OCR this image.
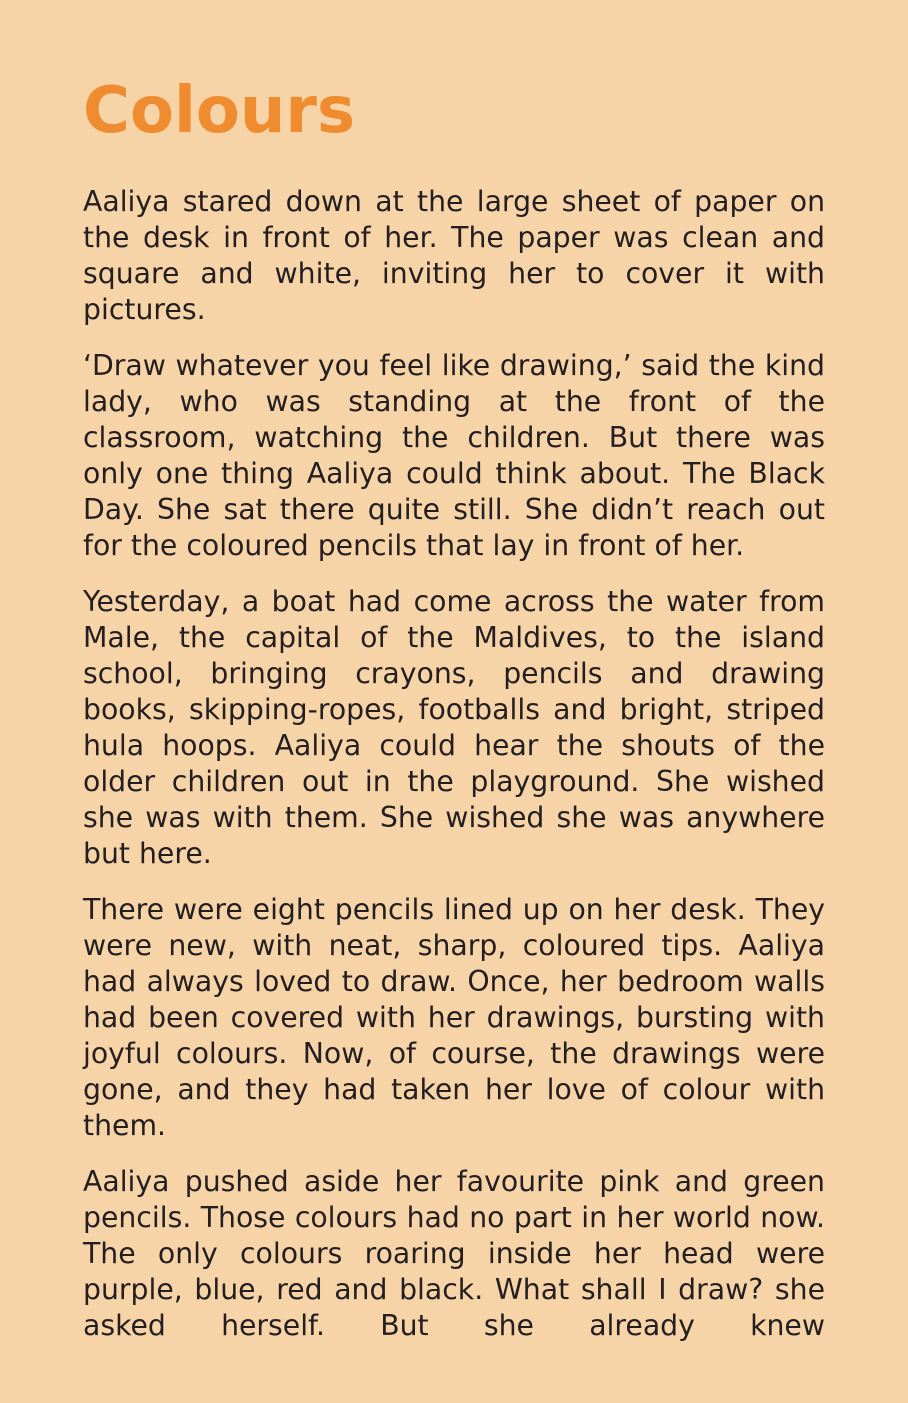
Colours

Aaliya stared down at the large sheet of paper on the desk in front of her. The paper was clean and square and white, inviting her to cover it with pictures.

‘Draw whatever you feel like drawing,’ said the kind lady, who was standing at the front of the classroom, watching the children. But there was only one thing Aaliya could think about. The Black Day. She sat there quite still. She didn’t reach out for the coloured pencils that lay in front of her.

Yesterday, a boat had come across the water from Male, the capital of the Maldives, to the island school, bringing crayons, pencils and drawing books, skipping-ropes, footballs and bright, striped hula hoops. Aaliya could hear the shouts of the older children out in the playground. She wished she was with them. She wished she was anywhere but here.

There were eight pencils lined up on her desk. They were new, with neat, sharp, coloured tips. Aaliya had always loved to draw. Once, her bedroom walls had been covered with her drawings, bursting with joyful colours. Now, of course, the drawings were gone, and they had taken her love of colour with them.

Aaliya pushed aside her favourite pink and green pencils. Those colours had no part in her world now. The only colours roaring inside her head were purple, blue, red and black. What shall I draw? she asked herself. But she already knew
